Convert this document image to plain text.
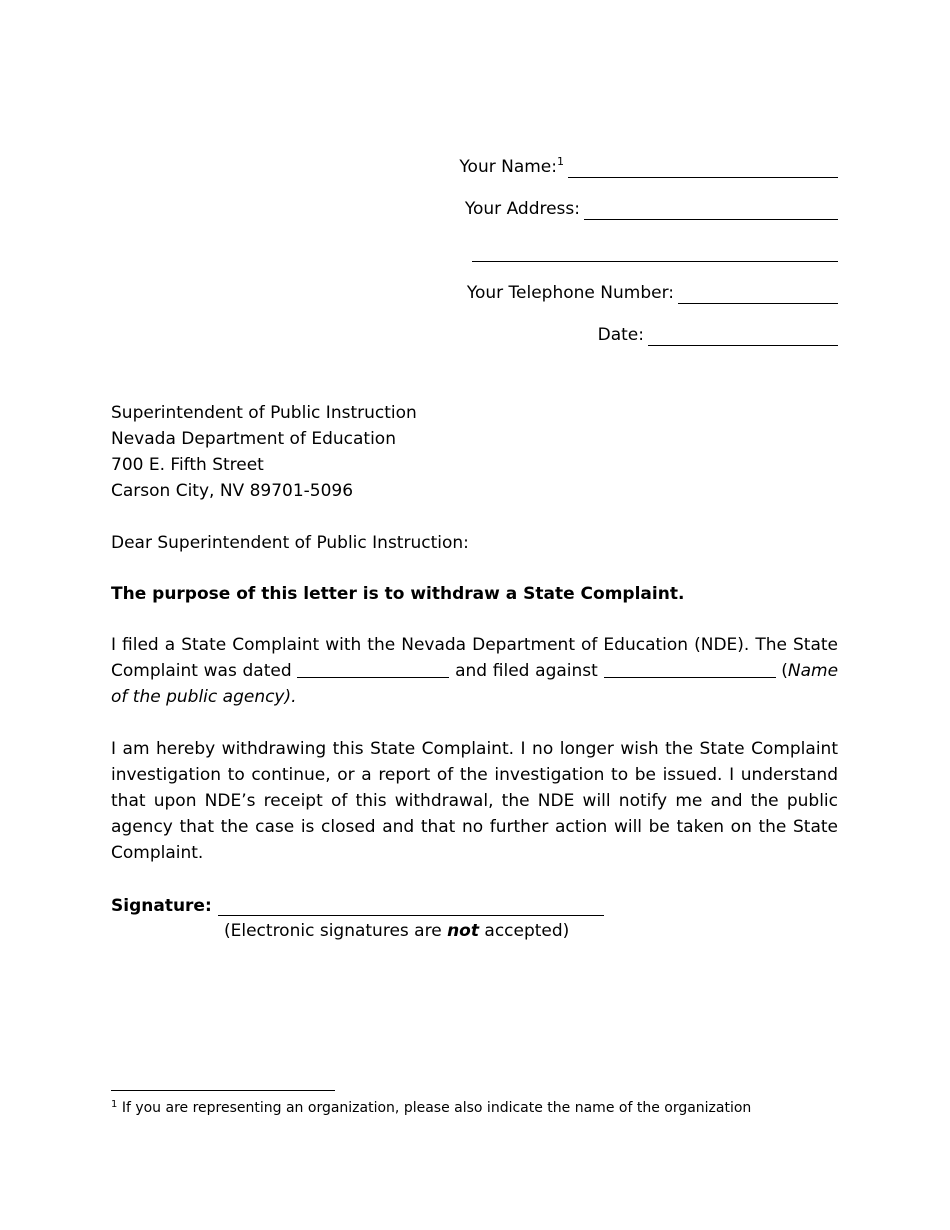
Your Name:$^1$
Your Address:
Your Telephone Number:
Date:
Superintendent of Public Instruction
Nevada Department of Education
700 E. Fifth Street
Carson City, NV 89701-5096
Dear Superintendent of Public Instruction:
The purpose of this letter is to withdraw a State Complaint.
I filed a State Complaint with the Nevada Department of Education (NDE). The State Complaint was dated	and filed against	(Name of the public agency).
I am hereby withdrawing this State Complaint. I no longer wish the State Complaint investigation to continue, or a report of the investigation to be issued. I understand that upon NDE’s receipt of this withdrawal, the NDE will notify me and the public agency that the case is closed and that no further action will be taken on the State Complaint.
Signature:
(Electronic signatures are not accepted)
$^1$ If you are representing an organization, please also indicate the name of the organization
